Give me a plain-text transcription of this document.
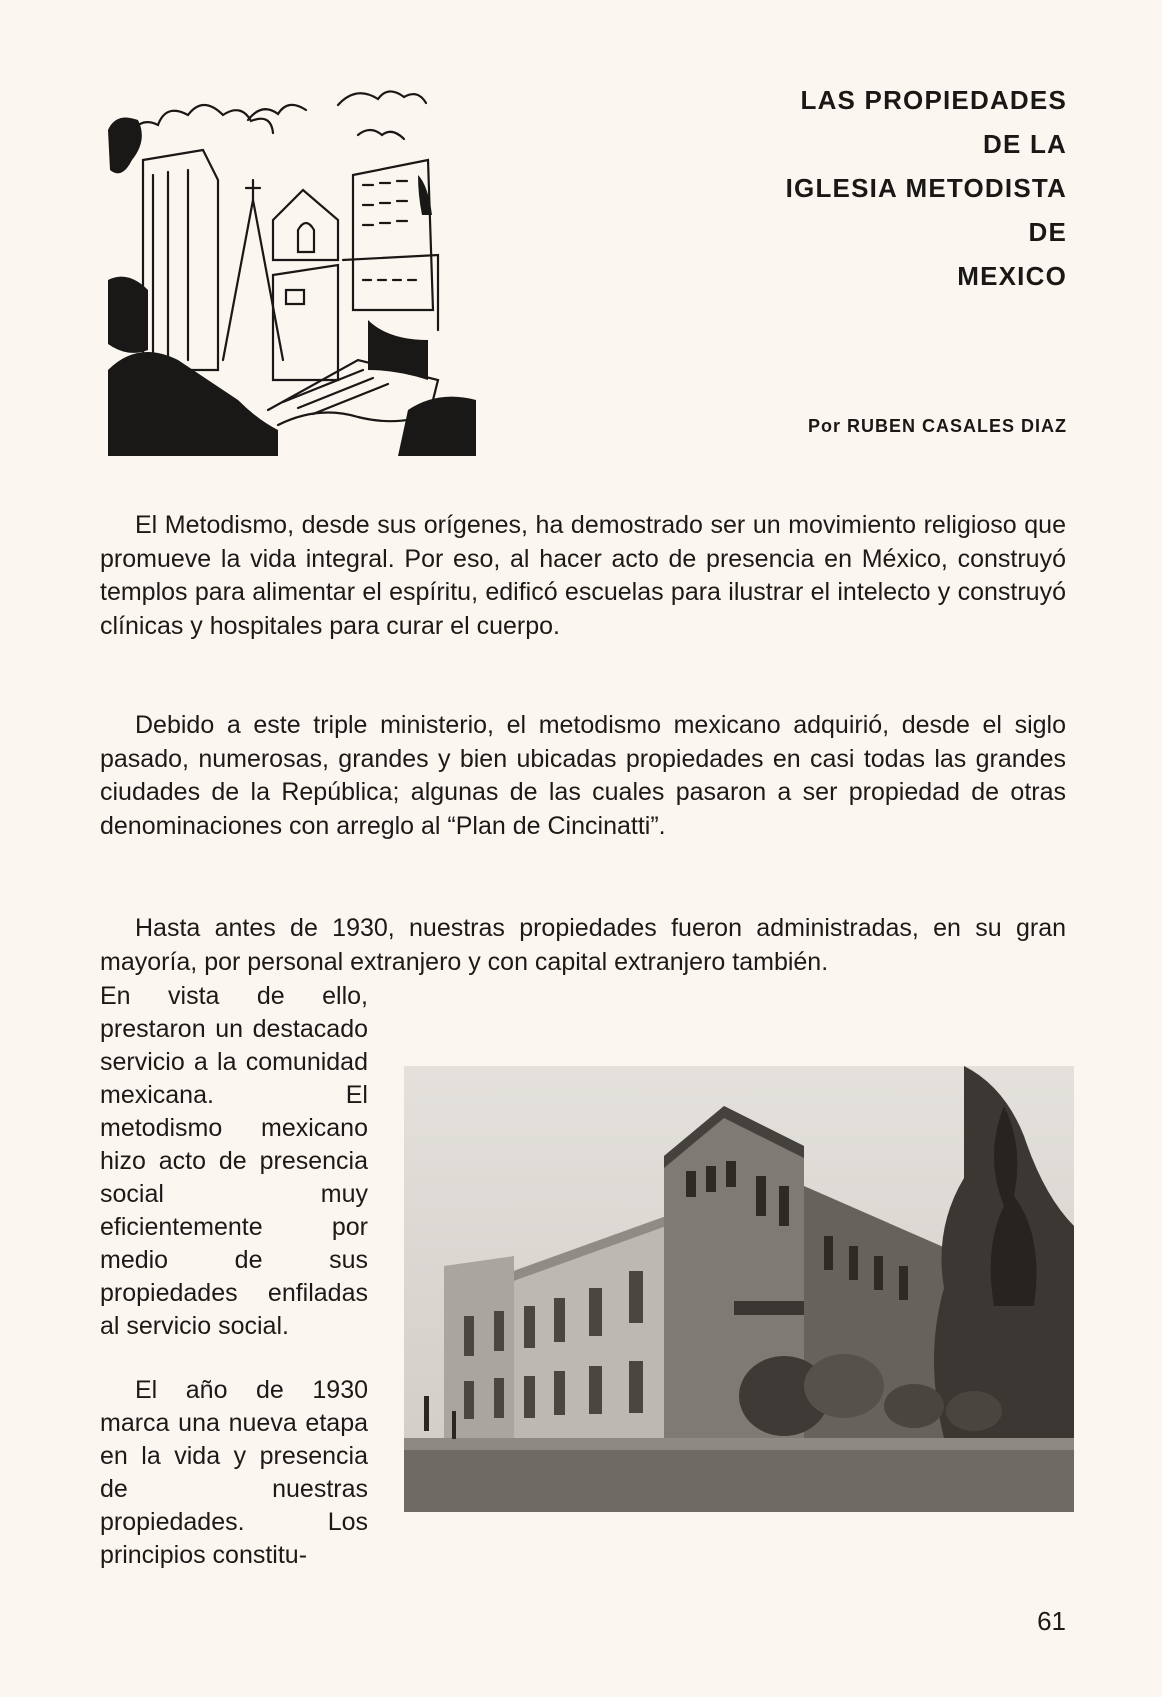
LAS PROPIEDADES
DE LA
IGLESIA METODISTA
DE
MEXICO
Por RUBEN CASALES DIAZ

El Metodismo, desde sus orígenes, ha demostrado ser un movimiento religioso que promueve la vida integral. Por eso, al hacer acto de presencia en México, construyó templos para alimentar el espíritu, edificó escuelas para ilustrar el intelecto y construyó clínicas y hospitales para curar el cuerpo.

Debido a este triple ministerio, el metodismo mexicano adquirió, desde el siglo pasado, numerosas, grandes y bien ubicadas propiedades en casi todas las grandes ciudades de la República; algunas de las cuales pasaron a ser propiedad de otras denominaciones con arreglo al “Plan de Cincinatti”.

Hasta antes de 1930, nuestras propiedades fueron administradas, en su gran mayoría, por personal extranjero y con capital extranjero también.

En vista de ello, prestaron un destacado servicio a la comunidad mexicana. El metodismo mexicano hizo acto de presencia social muy eficientemente por medio de sus propiedades enfiladas al servicio social.

El año de 1930 marca una nueva etapa en la vida y presencia de nuestras propiedades. Los principios constitu-

61
